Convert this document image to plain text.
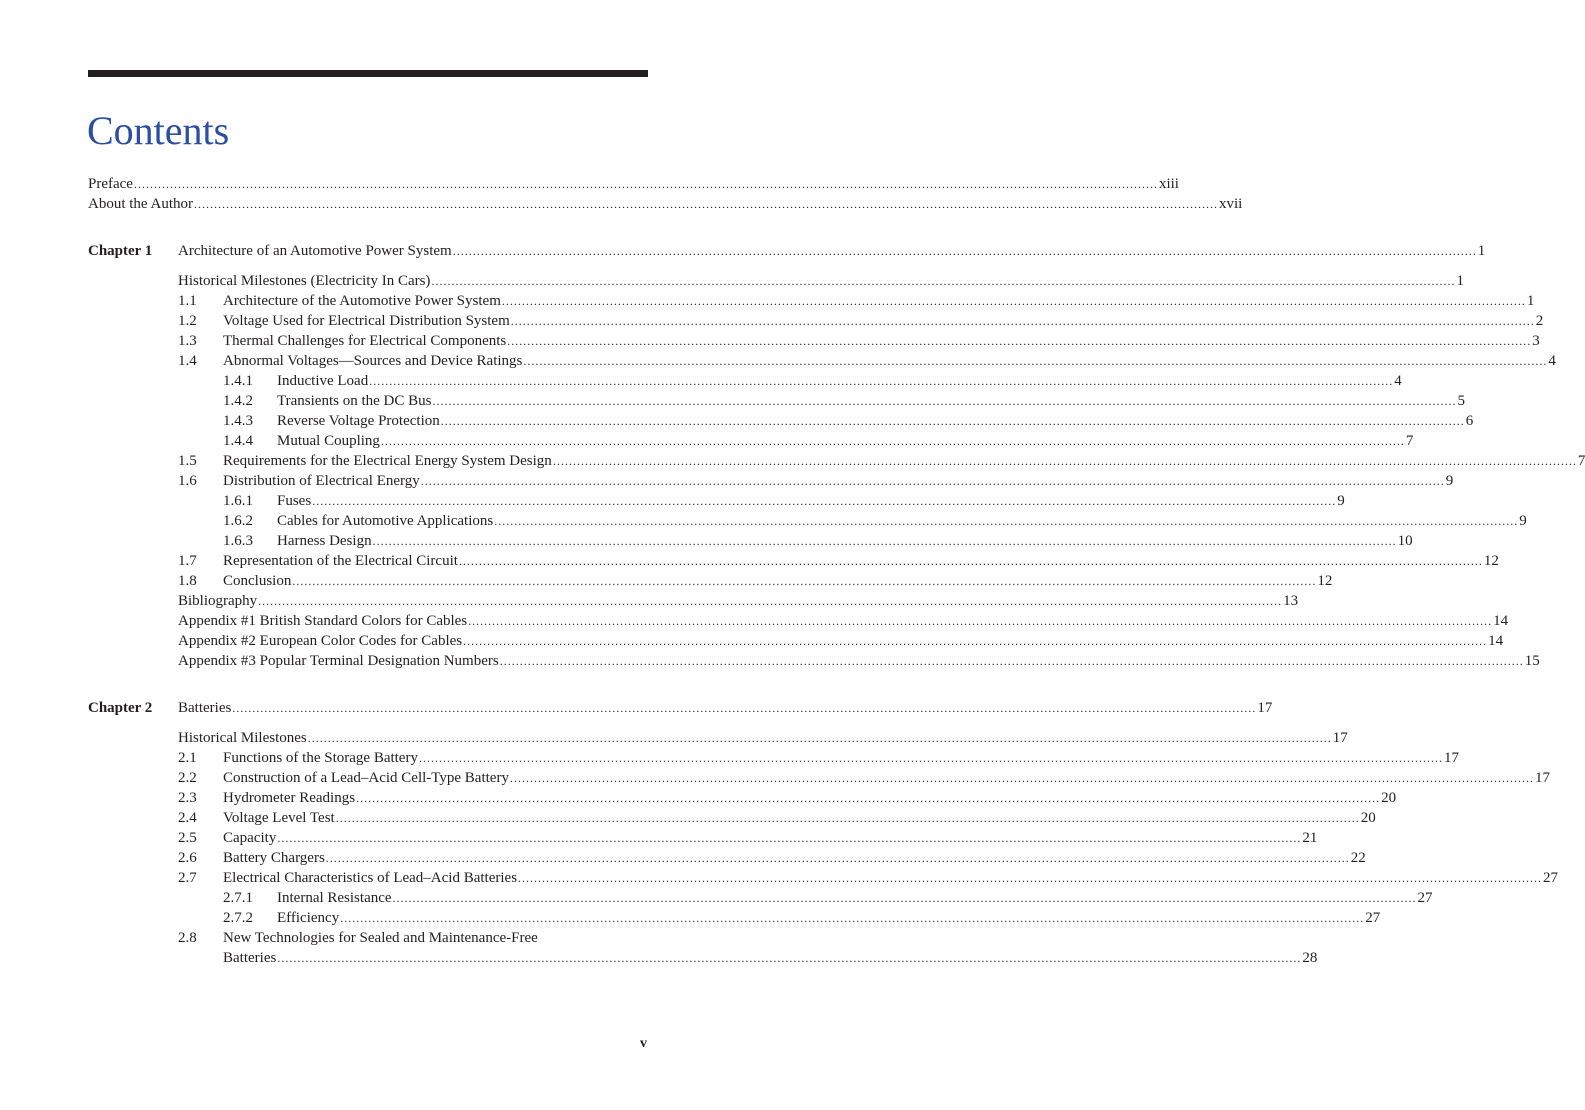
Contents
Preface .....	xiii
About the Author .....	xvii
Chapter 1	Architecture of an Automotive Power System .....	1
Historical Milestones (Electricity In Cars) .....	1
1.1	Architecture of the Automotive Power System .....	1
1.2	Voltage Used for Electrical Distribution System .....	2
1.3	Thermal Challenges for Electrical Components .....	3
1.4	Abnormal Voltages—Sources and Device Ratings .....	4
1.4.1	Inductive Load .....	4
1.4.2	Transients on the DC Bus .....	5
1.4.3	Reverse Voltage Protection .....	6
1.4.4	Mutual Coupling .....	7
1.5	Requirements for the Electrical Energy System Design .....	7
1.6	Distribution of Electrical Energy .....	9
1.6.1	Fuses .....	9
1.6.2	Cables for Automotive Applications .....	9
1.6.3	Harness Design .....	10
1.7	Representation of the Electrical Circuit .....	12
1.8	Conclusion .....	12
Bibliography .....	13
Appendix #1 British Standard Colors for Cables .....	14
Appendix #2 European Color Codes for Cables .....	14
Appendix #3 Popular Terminal Designation Numbers .....	15
Chapter 2	Batteries .....	17
Historical Milestones .....	17
2.1	Functions of the Storage Battery .....	17
2.2	Construction of a Lead–Acid Cell-Type Battery .....	17
2.3	Hydrometer Readings .....	20
2.4	Voltage Level Test .....	20
2.5	Capacity .....	21
2.6	Battery Chargers .....	22
2.7	Electrical Characteristics of Lead–Acid Batteries .....	27
2.7.1	Internal Resistance .....	27
2.7.2	Efficiency .....	27
2.8	New Technologies for Sealed and Maintenance-Free
Batteries .....	28
v
